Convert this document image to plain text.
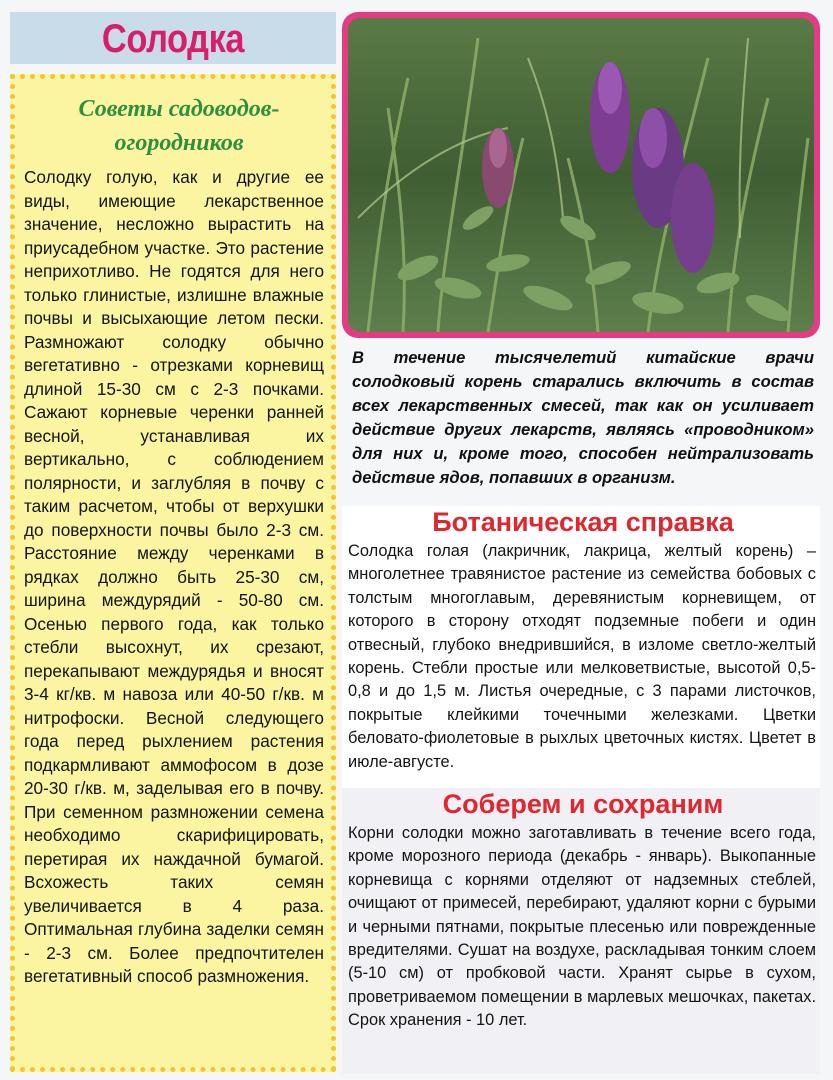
Солодка
Советы садоводов-огородников
Солодку голую, как и другие ее виды, имеющие лекарственное значение, несложно вырастить на приусадебном участке. Это растение неприхотливо. Не годятся для него только глинистые, излишне влажные почвы и высыхающие летом пески. Размножают солодку обычно вегетативно - отрезками корневищ длиной 15-30 см с 2-3 почками. Сажают корневые черенки ранней весной, устанавливая их вертикально, с соблюдением полярности, и заглубляя в почву с таким расчетом, чтобы от верхушки до поверхности почвы было 2-3 см. Расстояние между черенками в рядках должно быть 25-30 см, ширина междурядий - 50-80 см. Осенью первого года, как только стебли высохнут, их срезают, перекапывают междурядья и вносят 3-4 кг/кв. м навоза или 40-50 г/кв. м нитрофоски. Весной следующего года перед рыхлением растения подкармливают аммофосом в дозе 20-30 г/кв. м, заделывая его в почву. При семенном размножении семена необходимо скарифицировать, перетирая их наждачной бумагой. Всхожесть таких семян увеличивается в 4 раза. Оптимальная глубина заделки семян - 2-3 см. Более предпочтителен вегетативный способ размножения.
В течение тысячелетий китайские врачи солодковый корень старались включить в состав всех лекарственных смесей, так как он усиливает действие других лекарств, являясь «проводником» для них и, кроме того, способен нейтрализовать действие ядов, попавших в организм.
Ботаническая справка
Солодка голая (лакричник, лакрица, желтый корень) – многолетнее травянистое растение из семейства бобовых с толстым многоглавым, деревянистым корневищем, от которого в сторону отходят подземные побеги и один отвесный, глубоко внедрившийся, в изломе светло-желтый корень. Стебли простые или мелковетвистые, высотой 0,5-0,8 и до 1,5 м. Листья очередные, с 3 парами листочков, покрытые клейкими точечными железками. Цветки беловато-фиолетовые в рыхлых цветочных кистях. Цветет в июле-августе.
Соберем и сохраним
Корни солодки можно заготавливать в течение всего года, кроме морозного периода (декабрь - январь). Выкопанные корневища с корнями отделяют от надземных стеблей, очищают от примесей, перебирают, удаляют корни с бурыми и черными пятнами, покрытые плесенью или поврежденные вредителями. Сушат на воздухе, раскладывая тонким слоем (5-10 см) от пробковой части. Хранят сырье в сухом, проветриваемом помещении в марлевых мешочках, пакетах. Срок хранения - 10 лет.
